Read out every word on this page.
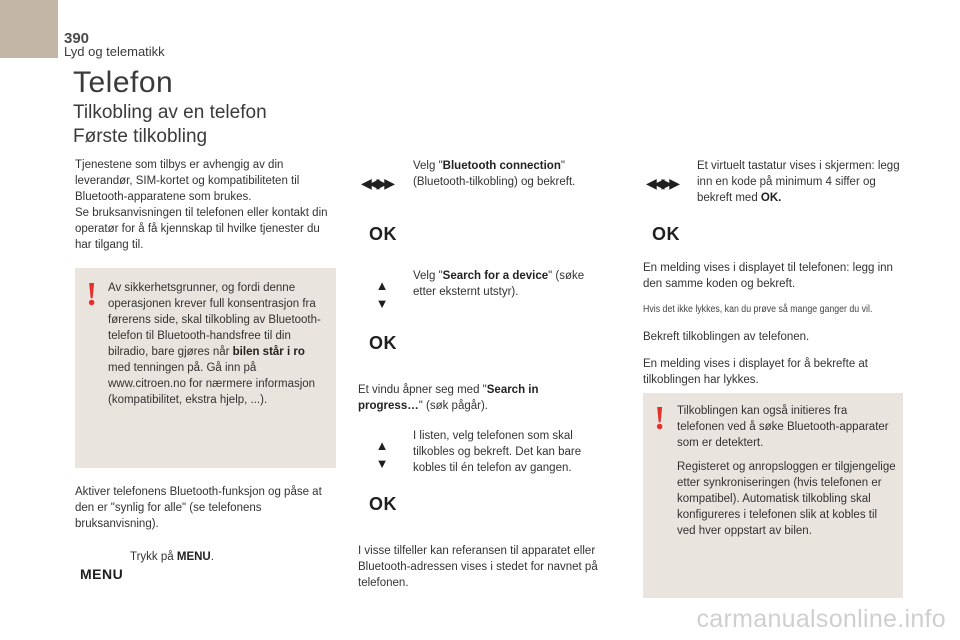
390
Lyd og telematikk
Telefon
Tilkobling av en telefon
Første tilkobling

Tjenestene som tilbys er avhengig av din leverandør, SIM-kortet og kompatibiliteten til Bluetooth-apparatene som brukes.
Se bruksanvisningen til telefonen eller kontakt din operatør for å få kjennskap til hvilke tjenester du har tilgang til.

! Av sikkerhetsgrunner, og fordi denne operasjonen krever full konsentrasjon fra førerens side, skal tilkobling av Bluetooth-telefon til Bluetooth-handsfree til din bilradio, bare gjøres når bilen står i ro med tenningen på. Gå inn på www.citroen.no for nærmere informasjon (kompatibilitet, ekstra hjelp, ...).

Aktiver telefonens Bluetooth-funksjon og påse at den er "synlig for alle" (se telefonens bruksanvisning).

MENU

Trykk på MENU.

◀◀▶▶

Velg "Bluetooth connection" (Bluetooth-tilkobling) og bekreft.

OK
▲
▼

Velg "Search for a device" (søke etter eksternt utstyr).

OK

Et vindu åpner seg med "Search in progress…" (søk pågår).

▲
▼

I listen, velg telefonen som skal tilkobles og bekreft. Det kan bare kobles til én telefon av gangen.

OK

I visse tilfeller kan referansen til apparatet eller Bluetooth-adressen vises i stedet for navnet på telefonen.

◀◀▶▶

Et virtuelt tastatur vises i skjermen: legg inn en kode på minimum 4 siffer og bekreft med OK.

OK

En melding vises i displayet til telefonen: legg inn den samme koden og bekreft.

Hvis det ikke lykkes, kan du prøve så mange ganger du vil.

Bekreft tilkoblingen av telefonen.

En melding vises i displayet for å bekrefte at tilkoblingen har lykkes.

! Tilkoblingen kan også initieres fra telefonen ved å søke Bluetooth-apparater som er detektert.

Registeret og anropsloggen er tilgjengelige etter synkroniseringen (hvis telefonen er kompatibel). Automatisk tilkobling skal konfigureres i telefonen slik at kobles til ved hver oppstart av bilen.

carmanualsonline.info
